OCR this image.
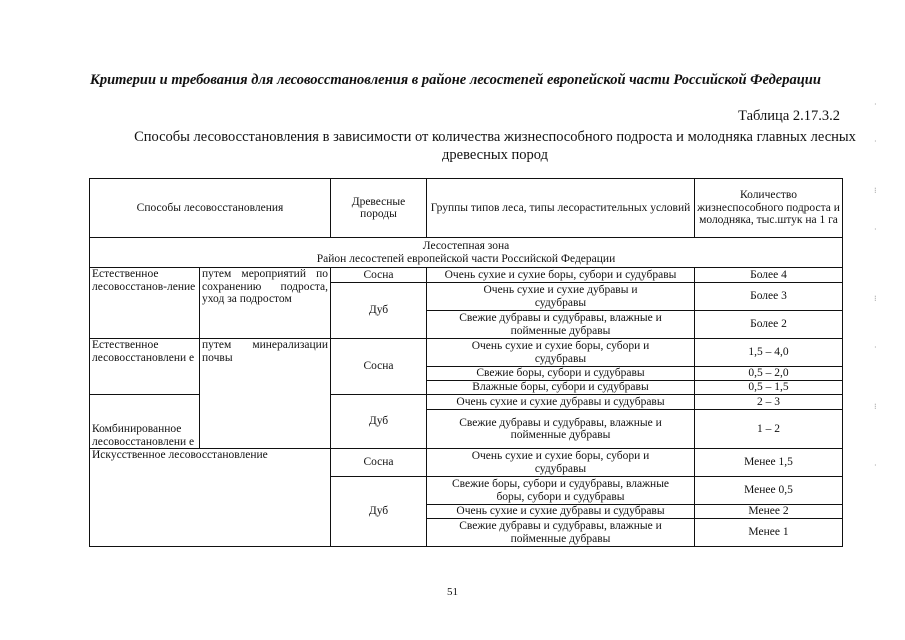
Критерии и требования для лесовосстановления в районе лесостепей европейской части Российской Федерации
Таблица 2.17.3.2
Способы лесовосстановления в зависимости от количества жизнеспособного подроста и молодняка главных лесных древесных пород
Способы лесовосстановления		Древесные породы	Группы типов леса, типы лесорастительных условий	Количество жизнеспособного подроста и молодняка, тыс.штук на 1 га

Лесостепная зона
Район лесостепей европейской части Российской Федерации				

Естественное лесовосстанов-ление	путем мероприятий по сохранению подроста, уход за подростом	Сосна	Очень сухие и сухие боры, субори и судубравы	Более 4
		Дуб	Очень сухие и сухие дубравы и судубравы	Более 3
			Свежие дубравы и судубравы, влажные и пойменные дубравы	Более 2
Естественное лесовосстановлени е	путем минерализации почвы	Сосна	Очень сухие и сухие боры, субори и судубравы	1,5 – 4,0
			Свежие боры, субори и судубравы	0,5 – 2,0
			Влажные боры, субори и судубравы	0,5 – 1,5
Комбинированное лесовосстановлени е		Дуб	Очень сухие и сухие дубравы и судубравы	2 – 3
			Свежие дубравы и судубравы, влажные и пойменные дубравы	1 – 2
Искусственное лесовосстановление		Сосна	Очень сухие и сухие боры, субори и судубравы	Менее 1,5
		Дуб	Свежие боры, субори и судубравы, влажные боры, субори и судубравы	Менее 0,5
			Очень сухие и сухие дубравы и судубравы	Менее 2
			Свежие дубравы и судубравы, влажные и пойменные дубравы	Менее 1
51
·
·
⁝
·
⁝
·
⁝
·
